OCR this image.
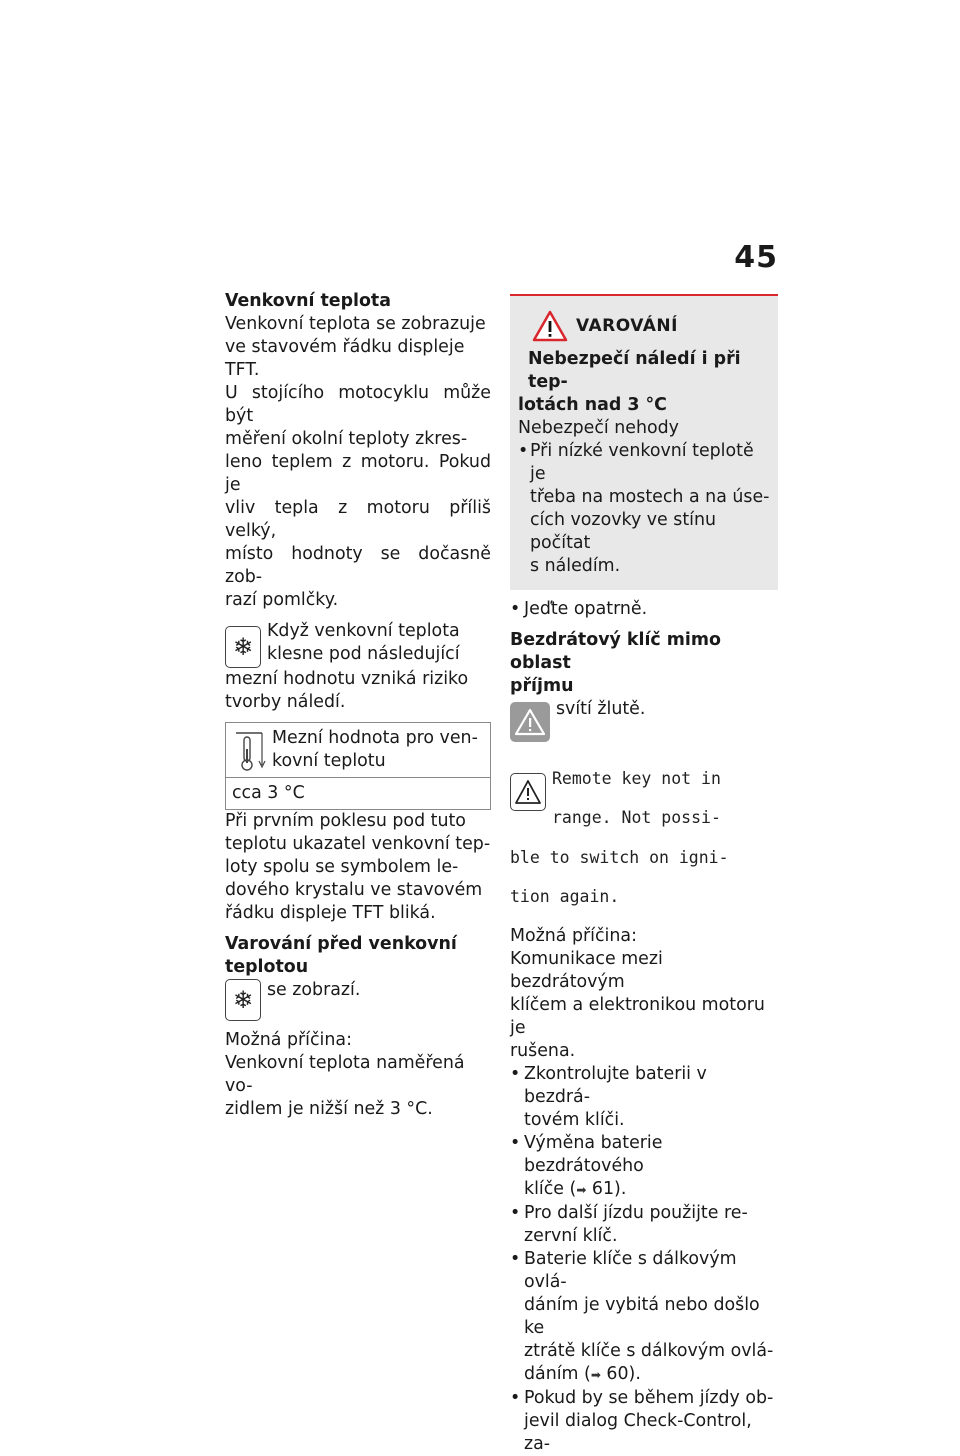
45

Venkovní teplota

Venkovní teplota se zobrazuje

ve stavovém řádku displeje

TFT.

U stojícího motocyklu může být

měření okolní teploty zkres-

leno teplem z motoru. Pokud je

vliv tepla z motoru příliš velký,

místo hodnoty se dočasně zob-

razí pomlčky.

❄

Když venkovní teplota

klesne pod následující

mezní hodnotu vzniká riziko

tvorby náledí.

Mezní hodnota pro ven-

kovní teplotu

cca 3 °C

Při prvním poklesu pod tuto

teplotu ukazatel venkovní tep-

loty spolu se symbolem le-

dového krystalu ve stavovém

řádku displeje TFT bliká.

Varování před venkovní

teplotou

❄ se zobrazí.

Možná příčina:

Venkovní teplota naměřená vo-

zidlem je nižší než 3 °C.

VAROVÁNÍ

Nebezpečí náledí i při tep-

lotách nad 3 °C

Nebezpečí nehody

• Při nízké venkovní teplotě je

třeba na mostech a na úse-

cích vozovky ve stínu počítat

s náledím.

• Jeďte opatrně.

Bezdrátový klíč mimo oblast

příjmu

svítí žlutě.

Remote key not in

range. Not possi-

ble to switch on igni-

tion again.

Možná příčina:

Komunikace mezi bezdrátovým

klíčem a elektronikou motoru je

rušena.

• Zkontrolujte baterii v bezdrá-

tovém klíči.

• Výměna baterie bezdrátového

klíče (➡ 61).

• Pro další jízdu použijte re-

zervní klíč.

• Baterie klíče s dálkovým ovlá-

dáním je vybitá nebo došlo ke

ztrátě klíče s dálkovým ovlá-

dáním (➡ 60).

• Pokud by se během jízdy ob-

jevil dialog Check-Control, za-
